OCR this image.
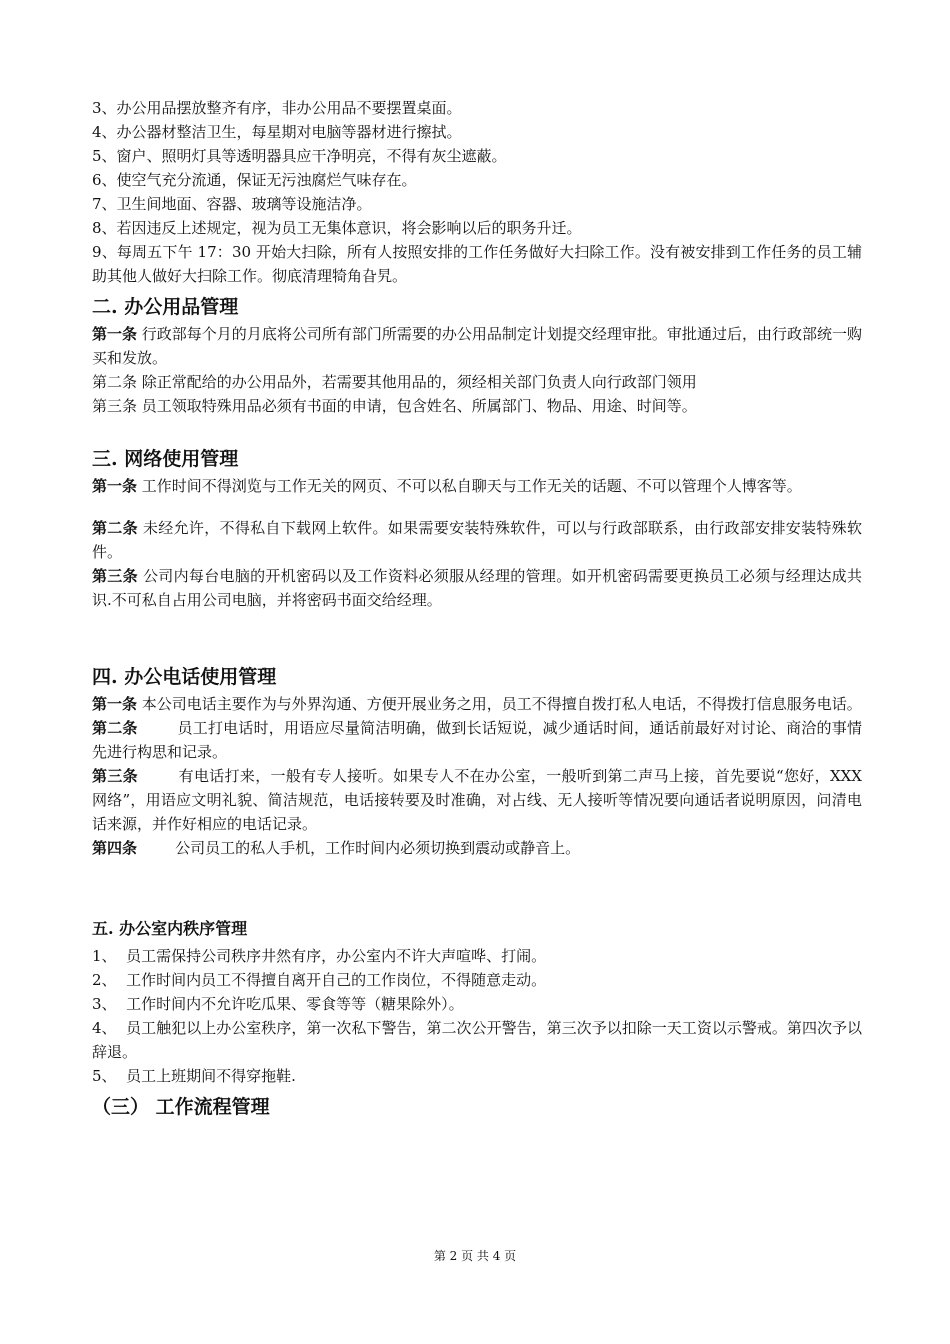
3、办公用品摆放整齐有序，非办公用品不要摆置桌面。
4、办公器材整洁卫生，每星期对电脑等器材进行擦拭。
5、窗户、照明灯具等透明器具应干净明亮，不得有灰尘遮蔽。
6、使空气充分流通，保证无污浊腐烂气味存在。
7、卫生间地面、容器、玻璃等设施洁净。
8、若因违反上述规定，视为员工无集体意识，将会影响以后的职务升迁。
9、每周五下午 17：30 开始大扫除，所有人按照安排的工作任务做好大扫除工作。没有被安排到工作任务的员工辅助其他人做好大扫除工作。彻底清理犄角旮旯。
二. 办公用品管理
第一条 行政部每个月的月底将公司所有部门所需要的办公用品制定计划提交经理审批。审批通过后，由行政部统一购买和发放。
第二条 除正常配给的办公用品外，若需要其他用品的，须经相关部门负责人向行政部门领用
第三条 员工领取特殊用品必须有书面的申请，包含姓名、所属部门、物品、用途、时间等。
三. 网络使用管理
第一条 工作时间不得浏览与工作无关的网页、不可以私自聊天与工作无关的话题、不可以管理个人博客等。
第二条 未经允许，不得私自下载网上软件。如果需要安装特殊软件，可以与行政部联系，由行政部安排安装特殊软件。
第三条 公司内每台电脑的开机密码以及工作资料必须服从经理的管理。如开机密码需要更换员工必须与经理达成共识.不可私自占用公司电脑，并将密码书面交给经理。
四. 办公电话使用管理
第一条 本公司电话主要作为与外界沟通、方便开展业务之用，员工不得擅自拨打私人电话，不得拨打信息服务电话。
第二条        员工打电话时，用语应尽量简洁明确，做到长话短说，减少通话时间，通话前最好对讨论、商洽的事情先进行构思和记录。
第三条        有电话打来，一般有专人接听。如果专人不在办公室，一般听到第二声马上接，首先要说“您好，XXX 网络”，用语应文明礼貌、简洁规范，电话接转要及时准确，对占线、无人接听等情况要向通话者说明原因，问清电话来源，并作好相应的电话记录。
第四条        公司员工的私人手机，工作时间内必须切换到震动或静音上。
五. 办公室内秩序管理
1、  员工需保持公司秩序井然有序，办公室内不许大声喧哗、打闹。
2、  工作时间内员工不得擅自离开自己的工作岗位，不得随意走动。
3、  工作时间内不允许吃瓜果、零食等等（糖果除外）。
4、  员工触犯以上办公室秩序，第一次私下警告，第二次公开警告，第三次予以扣除一天工资以示警戒。第四次予以辞退。
5、  员工上班期间不得穿拖鞋.
（三） 工作流程管理
第 2 页 共 4 页
